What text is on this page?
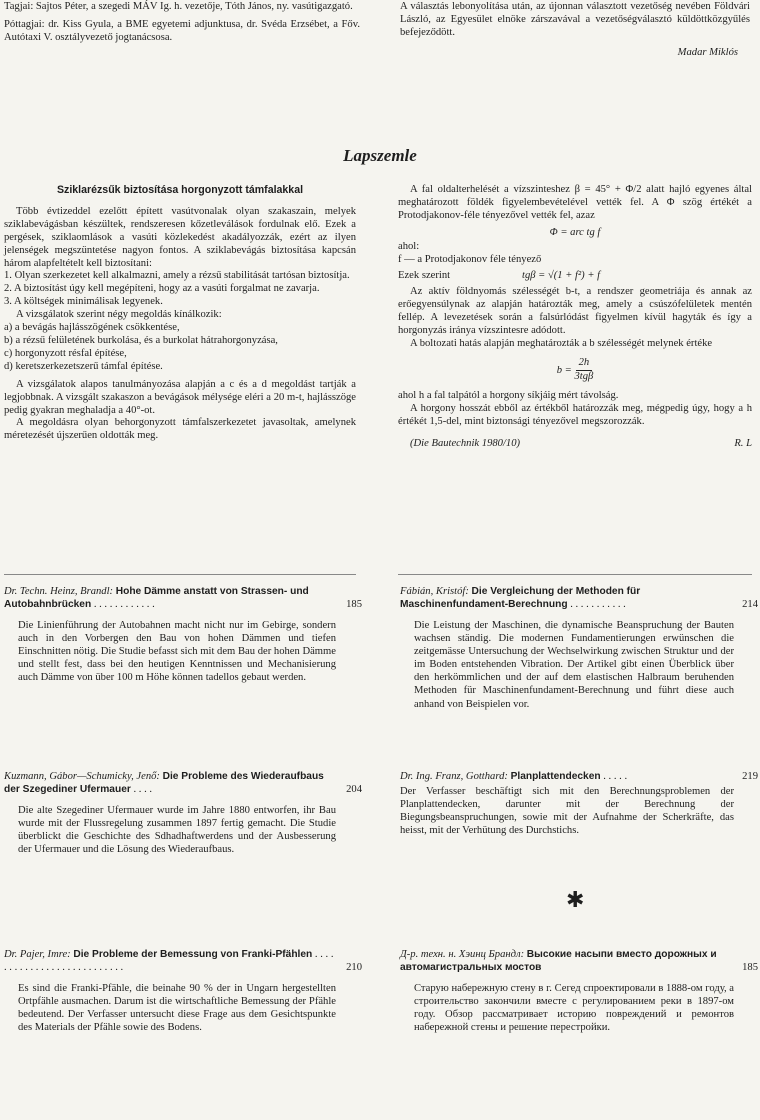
Tagjai: Sajtos Péter, a szegedi MÁV Ig. h. vezetője, Tóth János, ny. vasútigazgató.

Póttagjai: dr. Kiss Gyula, a BME egyetemi adjunktusa, dr. Svéda Erzsébet, a Főv. Autótaxi V. osztályvezető jogtanácsosa.

A választás lebonyolítása után, az újonnan választott vezetőség nevében Földvári László, az Egyesület elnöke zárszavával a vezetőségválasztó küldöttközgyűlés befejeződött.

Madar Miklós

Lapszemle

Sziklarézsűk biztosítása horgonyzott támfalakkal

Több évtizeddel ezelőtt épített vasútvonalak olyan szakaszain, melyek sziklabevágásban készültek, rendszeresen kőzetleválások fordulnak elő. Ezek a pergések, sziklaomlások a vasúti közlekedést akadályozzák, ezért az ilyen jelenségek megszüntetése nagyon fontos. A sziklabevágás biztosítása kapcsán három alapfeltételt kell biztosítani:

1. Olyan szerkezetet kell alkalmazni, amely a rézsű stabilitását tartósan biztosítja.

2. A biztosítást úgy kell megépíteni, hogy az a vasúti forgalmat ne zavarja.

3. A költségek minimálisak legyenek.

A vizsgálatok szerint négy megoldás kínálkozik:

a) a bevágás hajlásszögének csökkentése,

b) a rézsű felületének burkolása, és a burkolat hátrahorgonyzása,

c) horgonyzott résfal építése,

d) keretszerkezetszerű támfal építése.

A vizsgálatok alapos tanulmányozása alapján a c és a d megoldást tartják a legjobbnak. A vizsgált szakaszon a bevágások mélysége eléri a 20 m-t, hajlásszöge pedig gyakran meghaladja a 40°-ot.

A megoldásra olyan behorgonyzott támfalszerkezetet javasoltak, amelynek méretezését újszerűen oldották meg.

A fal oldalterhelését a vízszinteshez β = 45° + Φ/2 alatt hajló egyenes által meghatározott földék figyelembevételével vették fel. A Φ szög értékét a Protodjakonov-féle tényezővel vették fel, azaz

Φ = arc tg f

ahol:

f — a Protodjakonov féle tényező

Ezek szerint	tgβ = √(1 + f²) + f

Az aktív földnyomás szélességét b-t, a rendszer geometriája és annak az erőegyensúlynak az alapján határozták meg, amely a csúszófelületek mentén fellép. A levezetések során a falsúrlódást figyelmen kívül hagyták és így a horgonyzás iránya vízszintesre adódott.

A boltozati hatás alapján meghatározták a b szélességét melynek értéke

$b = \frac{2h}{\text{3tgβ}}$

ahol h a fal talpától a horgony síkjáig mért távolság.

A horgony hosszát ebből az értékből határozzák meg, mégpedig úgy, hogy a h értékét 1,5-del, mint biztonsági tényezővel megszorozzák.

(Die Bautechnik 1980/10)	R. L
Dr. Techn. Heinz, Brandl: Hohe Dämme anstatt von Strassen- und Autobahnbrücken . . . . . . . . . . . .	185

Die Linienführung der Autobahnen macht nicht nur im Gebirge, sondern auch in den Vorbergen den Bau von hohen Dämmen und tiefen Einschnitten nötig. Die Studie befasst sich mit dem Bau der hohen Dämme und stellt fest, dass bei den heutigen Kenntnissen und Mechanisierung auch Dämme von über 100 m Höhe können tadellos gebaut werden.

Fábián, Kristóf: Die Vergleichung der Methoden für Maschinenfundament-Berechnung . . . . . . . . . . .	214

Die Leistung der Maschinen, die dynamische Beanspruchung der Bauten wachsen ständig. Die modernen Fundamentierungen erwünschen die zeitgemässe Untersuchung der Wechselwirkung zwischen Struktur und der im Boden entstehenden Vibration. Der Artikel gibt einen Überblick über den herkömmlichen und der auf dem elastischen Halbraum beruhenden Methoden für Maschinenfundament-Berechnung und führt diese auch anhand von Beispielen vor.

Kuzmann, Gábor—Schumicky, Jenő: Die Probleme des Wiederaufbaus der Szegediner Ufermauer . . . .	204

Die alte Szegediner Ufermauer wurde im Jahre 1880 entworfen, ihr Bau wurde mit der Flussregelung zusammen 1897 fertig gemacht. Die Studie überblickt die Geschichte des Sdhadhaftwerdens und der Ausbesserung der Ufermauer und die Lösung des Wiederaufbaus.

Dr. Ing. Franz, Gotthard: Planplattendecken . . . . .	219

Der Verfasser beschäftigt sich mit den Berechnungsproblemen der Planplattendecken, darunter mit der Berechnung der Biegungsbeanspruchungen, sowie mit der Aufnahme der Scherkräfte, das heisst, mit der Verhütung des Durchstichs.

✱
Dr. Pajer, Imre: Die Probleme der Bemessung von Franki-Pfählen . . . . . . . . . . . . . . . . . . . . . . . . . . .	210

Es sind die Franki-Pfähle, die beinahe 90 % der in Ungarn hergestellten Ortpfähle ausmachen. Darum ist die wirtschaftliche Bemessung der Pfähle bedeutend. Der Verfasser untersucht diese Frage aus dem Gesichtspunkte des Materials der Pfähle sowie des Bodens.

Д-р. техн. н. Хэинц Брандл: Высокие насыпи вместо дорожных и автомагистральных мостов	185

Старую набережную стену в г. Сегед спроектировали в 1888-ом году, а строительство закончили вместе с регулированием реки в 1897-ом году. Обзор рассматривает историю повреждений и ремонтов набережной стены и решение перестройки.
